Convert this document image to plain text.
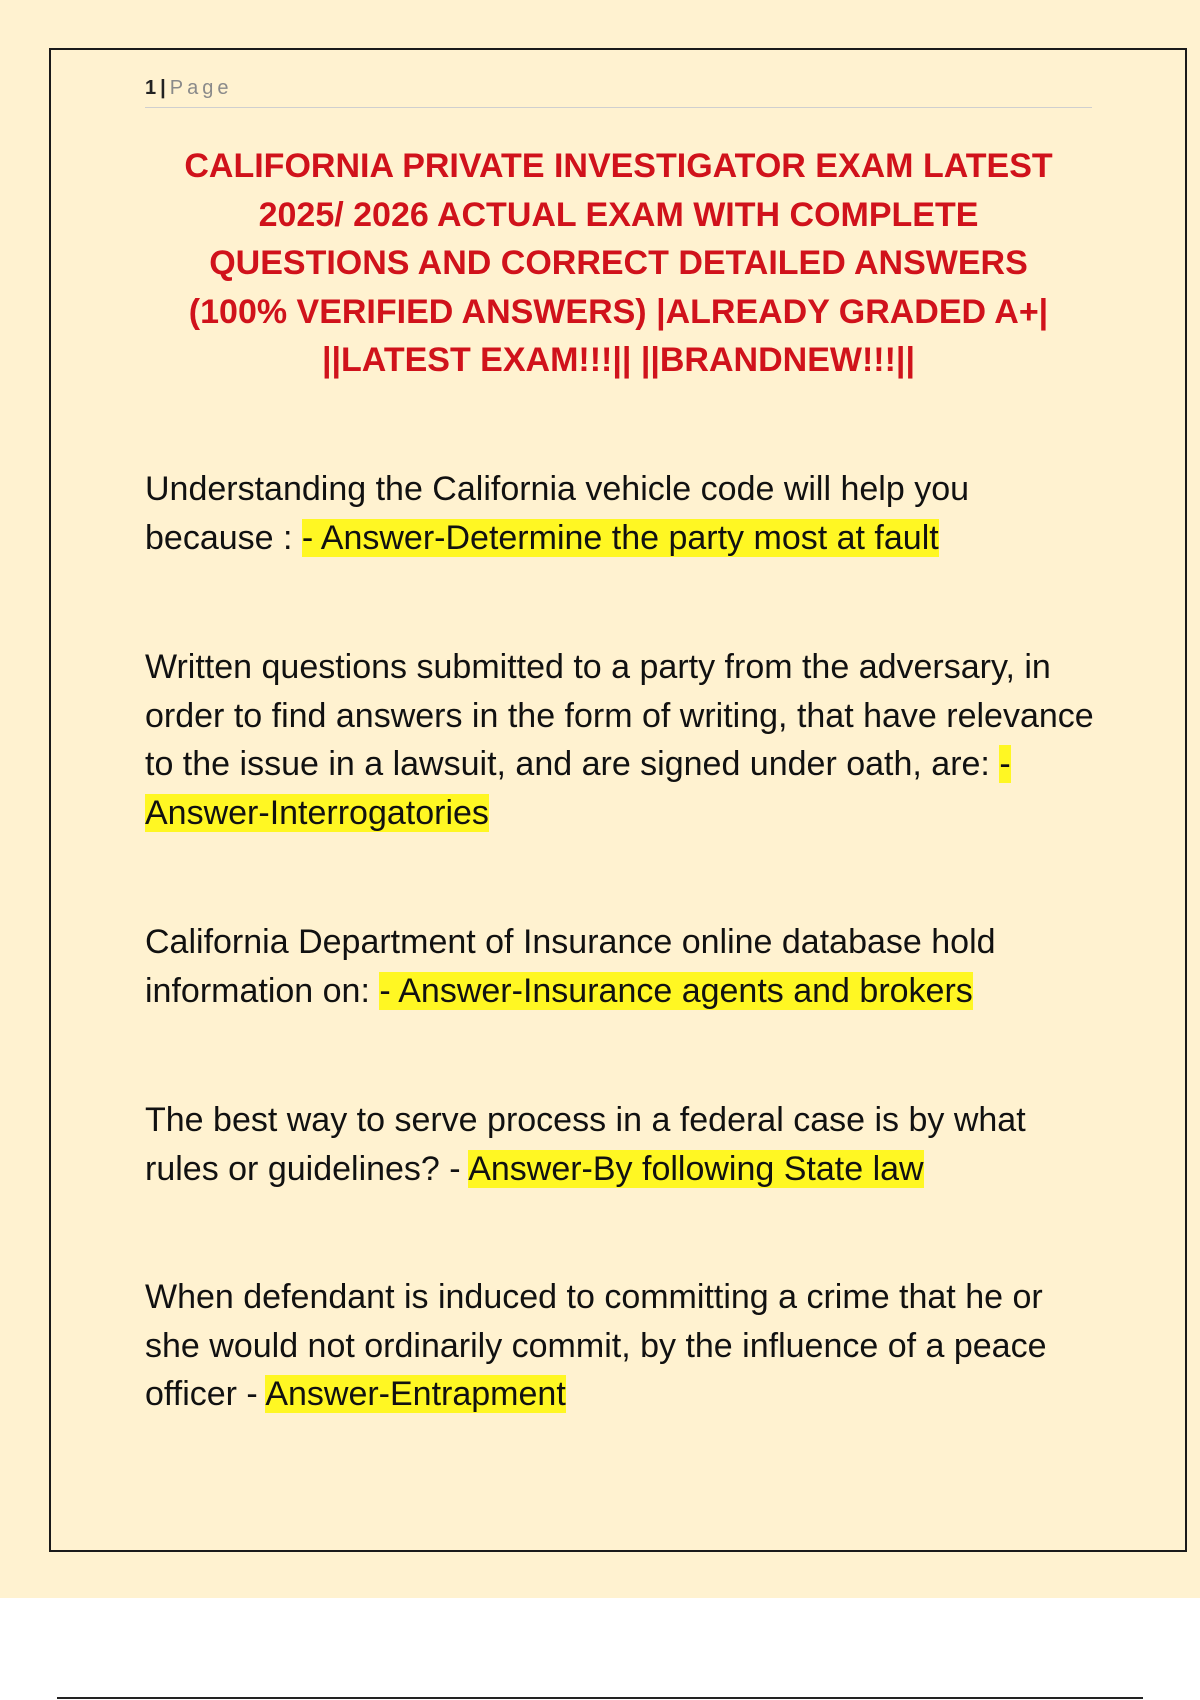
1 | Page
CALIFORNIA PRIVATE INVESTIGATOR EXAM LATEST
2025/ 2026 ACTUAL EXAM WITH COMPLETE
QUESTIONS AND CORRECT DETAILED ANSWERS
(100% VERIFIED ANSWERS) |ALREADY GRADED A+|
||LATEST EXAM!!!|| ||BRANDNEW!!!||
Understanding the California vehicle code will help you because : - Answer-Determine the party most at fault
Written questions submitted to a party from the adversary, in order to find answers in the form of writing, that have relevance to the issue in a lawsuit, and are signed under oath, are: - Answer-Interrogatories
California Department of Insurance online database hold information on: - Answer-Insurance agents and brokers
The best way to serve process in a federal case is by what rules or guidelines? - Answer-By following State law
When defendant is induced to committing a crime that he or she would not ordinarily commit, by the influence of a peace officer - Answer-Entrapment
